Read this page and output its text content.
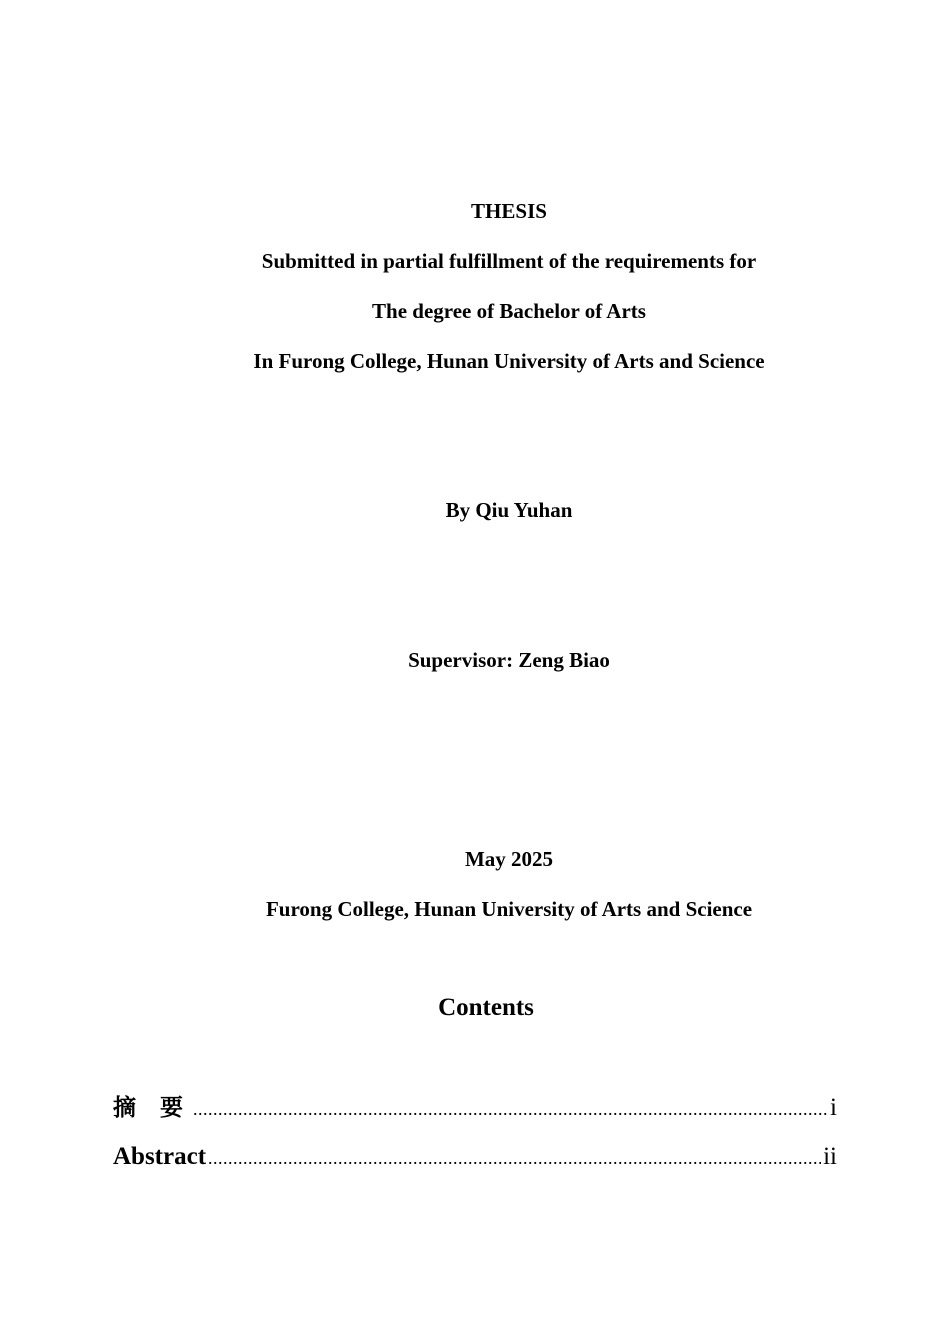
THESIS
Submitted in partial fulfillment of the requirements for
The degree of Bachelor of Arts
In Furong College, Hunan University of Arts and Science
By Qiu Yuhan
Supervisor: Zeng Biao
May 2025
Furong College, Hunan University of Arts and Science
Contents
摘 要 .....	i
Abstract .....	ii
